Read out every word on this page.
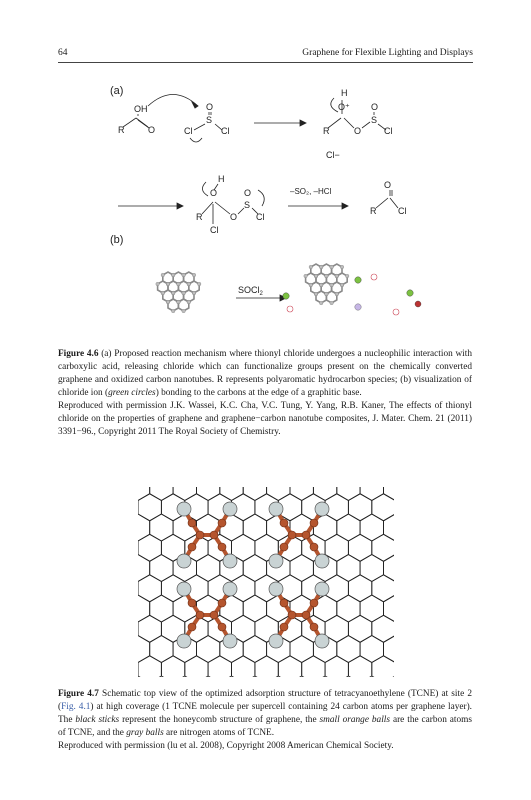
64	Graphene for Flexible Lighting and Displays
(a)
OH
R	O
O
S
Cl	Cl
H
O⁺
R	O
O
S
Cl
Cl−
H
O
R
Cl
O
O
S
Cl
–SO₂, –HCl
O
R Cl
(b)
SOCl$_2$
Figure 4.6 (a) Proposed reaction mechanism where thionyl chloride undergoes a nucleophilic interaction with carboxylic acid, releasing chloride which can functionalize groups present on the chemically converted graphene and oxidized carbon nanotubes. R represents polyaromatic hydrocarbon species; (b) visualization of chloride ion (green circles) bonding to the carbons at the edge of a graphitic base.
Reproduced with permission J.K. Wassei, K.C. Cha, V.C. Tung, Y. Yang, R.B. Kaner, The effects of thionyl chloride on the properties of graphene and graphene−carbon nanotube composites, J. Mater. Chem. 21 (2011) 3391−96., Copyright 2011 The Royal Society of Chemistry.
Figure 4.7 Schematic top view of the optimized adsorption structure of tetracyanoethylene (TCNE) at site 2 (Fig. 4.1) at high coverage (1 TCNE molecule per supercell containing 24 carbon atoms per graphene layer). The black sticks represent the honeycomb structure of graphene, the small orange balls are the carbon atoms of TCNE, and the gray balls are nitrogen atoms of TCNE.
Reproduced with permission (lu et al. 2008), Copyright 2008 American Chemical Society.
